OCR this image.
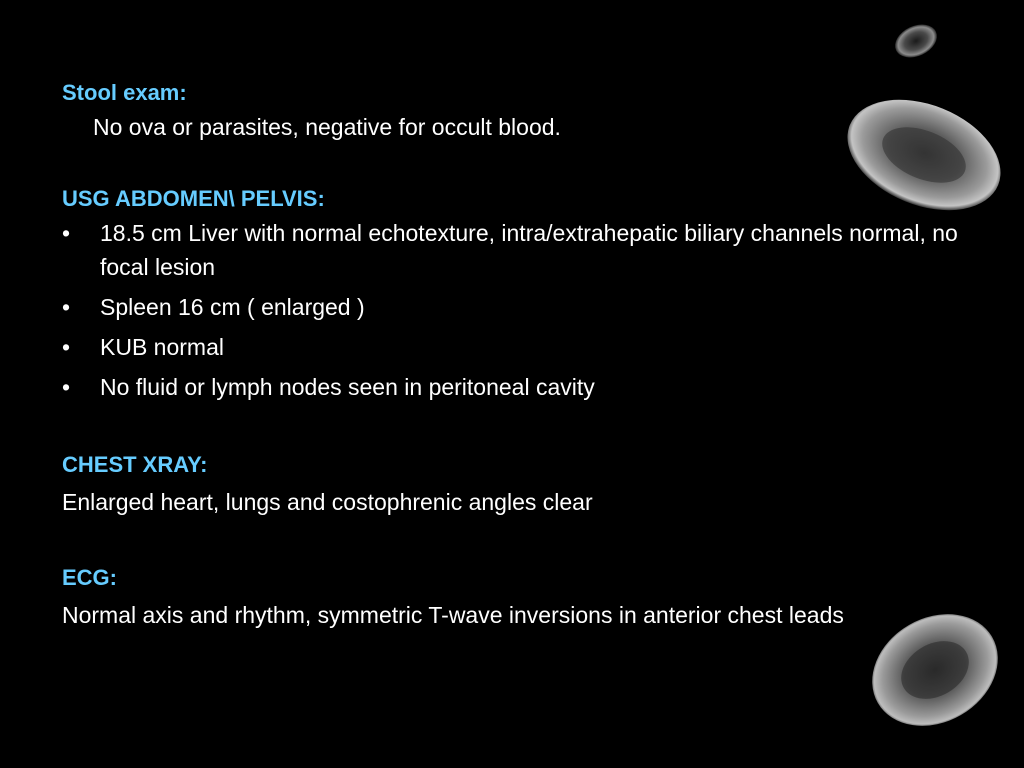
Stool exam:

No ova or parasites, negative for occult blood.

USG ABDOMEN\ PELVIS:

• 18.5 cm Liver with normal echotexture, intra/extrahepatic biliary channels normal, no focal lesion
• Spleen 16 cm ( enlarged )
• KUB normal
• No fluid or lymph nodes seen in peritoneal cavity

CHEST XRAY:

Enlarged heart, lungs and costophrenic angles clear

ECG:

Normal axis and rhythm, symmetric T-wave inversions in anterior chest leads
